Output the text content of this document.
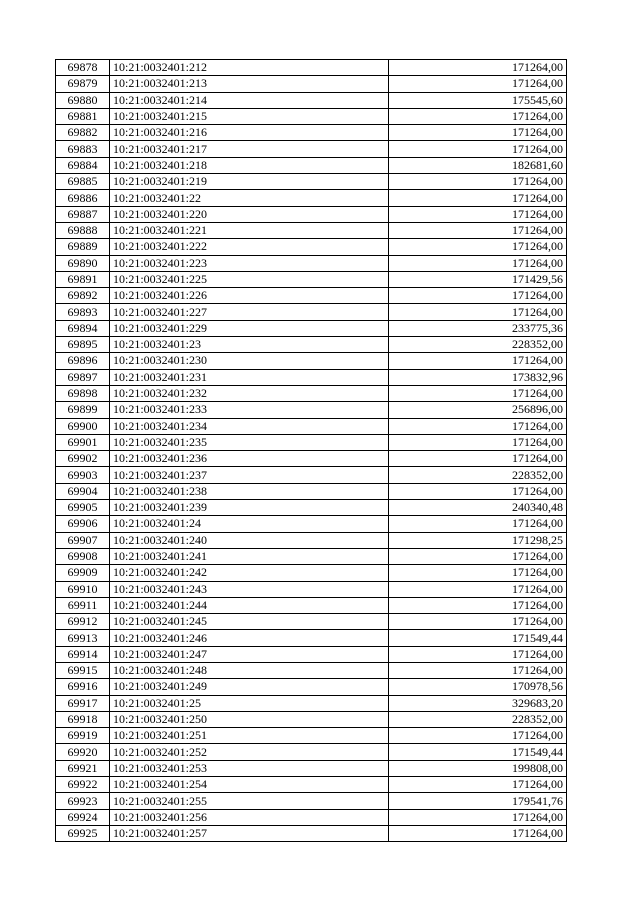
69878	10:21:0032401:212	171264,00
69879	10:21:0032401:213	171264,00
69880	10:21:0032401:214	175545,60
69881	10:21:0032401:215	171264,00
69882	10:21:0032401:216	171264,00
69883	10:21:0032401:217	171264,00
69884	10:21:0032401:218	182681,60
69885	10:21:0032401:219	171264,00
69886	10:21:0032401:22	171264,00
69887	10:21:0032401:220	171264,00
69888	10:21:0032401:221	171264,00
69889	10:21:0032401:222	171264,00
69890	10:21:0032401:223	171264,00
69891	10:21:0032401:225	171429,56
69892	10:21:0032401:226	171264,00
69893	10:21:0032401:227	171264,00
69894	10:21:0032401:229	233775,36
69895	10:21:0032401:23	228352,00
69896	10:21:0032401:230	171264,00
69897	10:21:0032401:231	173832,96
69898	10:21:0032401:232	171264,00
69899	10:21:0032401:233	256896,00
69900	10:21:0032401:234	171264,00
69901	10:21:0032401:235	171264,00
69902	10:21:0032401:236	171264,00
69903	10:21:0032401:237	228352,00
69904	10:21:0032401:238	171264,00
69905	10:21:0032401:239	240340,48
69906	10:21:0032401:24	171264,00
69907	10:21:0032401:240	171298,25
69908	10:21:0032401:241	171264,00
69909	10:21:0032401:242	171264,00
69910	10:21:0032401:243	171264,00
69911	10:21:0032401:244	171264,00
69912	10:21:0032401:245	171264,00
69913	10:21:0032401:246	171549,44
69914	10:21:0032401:247	171264,00
69915	10:21:0032401:248	171264,00
69916	10:21:0032401:249	170978,56
69917	10:21:0032401:25	329683,20
69918	10:21:0032401:250	228352,00
69919	10:21:0032401:251	171264,00
69920	10:21:0032401:252	171549,44
69921	10:21:0032401:253	199808,00
69922	10:21:0032401:254	171264,00
69923	10:21:0032401:255	179541,76
69924	10:21:0032401:256	171264,00
69925	10:21:0032401:257	171264,00
